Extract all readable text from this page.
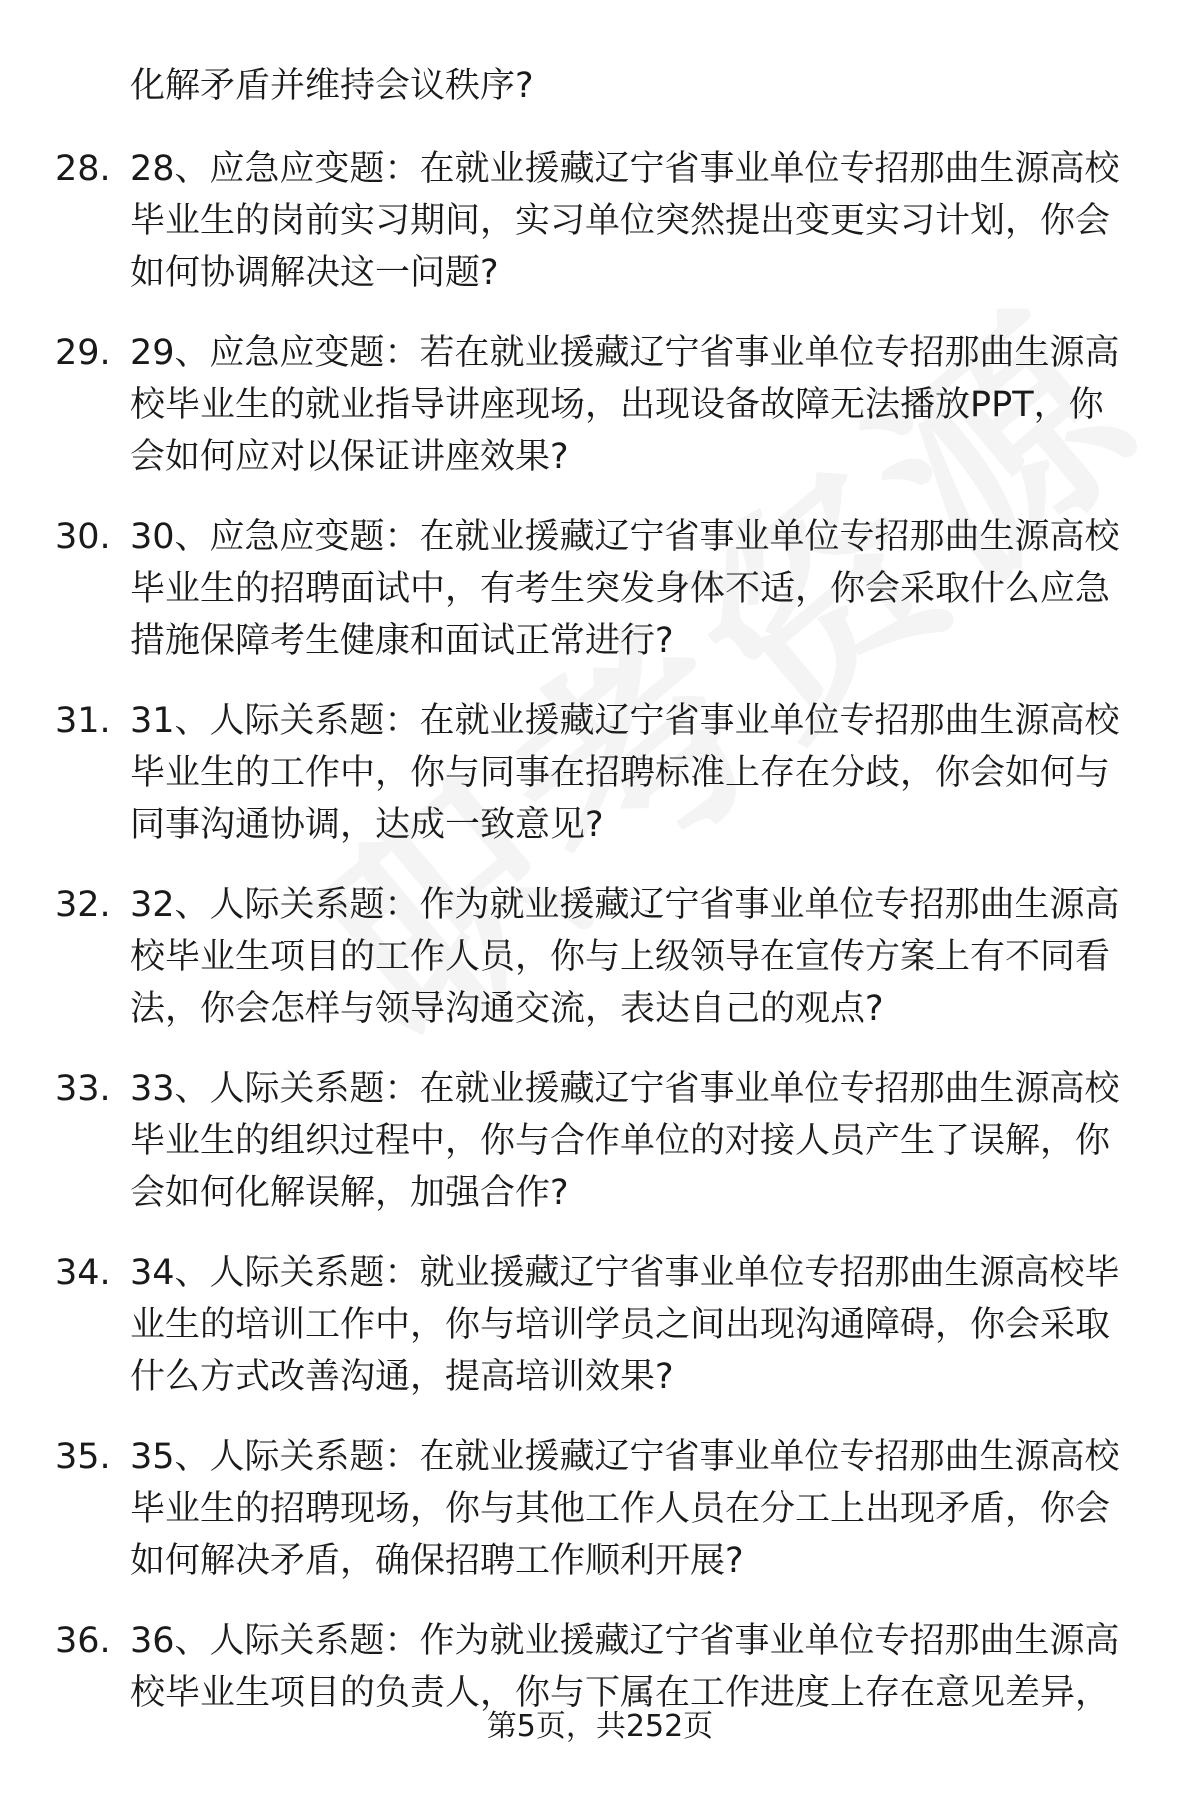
化解矛盾并维持会议秩序?
28. 28、应急应变题：在就业援藏辽宁省事业单位专招那曲生源高校
毕业生的岗前实习期间，实习单位突然提出变更实习计划，你会
如何协调解决这一问题?
29. 29、应急应变题：若在就业援藏辽宁省事业单位专招那曲生源高
校毕业生的就业指导讲座现场，出现设备故障无法播放PPT，你
会如何应对以保证讲座效果?
30. 30、应急应变题：在就业援藏辽宁省事业单位专招那曲生源高校
毕业生的招聘面试中，有考生突发身体不适，你会采取什么应急
措施保障考生健康和面试正常进行?
31. 31、人际关系题：在就业援藏辽宁省事业单位专招那曲生源高校
毕业生的工作中，你与同事在招聘标准上存在分歧，你会如何与
同事沟通协调，达成一致意见?
32. 32、人际关系题：作为就业援藏辽宁省事业单位专招那曲生源高
校毕业生项目的工作人员，你与上级领导在宣传方案上有不同看
法，你会怎样与领导沟通交流，表达自己的观点?
33. 33、人际关系题：在就业援藏辽宁省事业单位专招那曲生源高校
毕业生的组织过程中，你与合作单位的对接人员产生了误解，你
会如何化解误解，加强合作?
34. 34、人际关系题：就业援藏辽宁省事业单位专招那曲生源高校毕
业生的培训工作中，你与培训学员之间出现沟通障碍，你会采取
什么方式改善沟通，提高培训效果?
35. 35、人际关系题：在就业援藏辽宁省事业单位专招那曲生源高校
毕业生的招聘现场，你与其他工作人员在分工上出现矛盾，你会
如何解决矛盾，确保招聘工作顺利开展?
36. 36、人际关系题：作为就业援藏辽宁省事业单位专招那曲生源高
校毕业生项目的负责人，你与下属在工作进度上存在意见差异，
第5页，共252页
